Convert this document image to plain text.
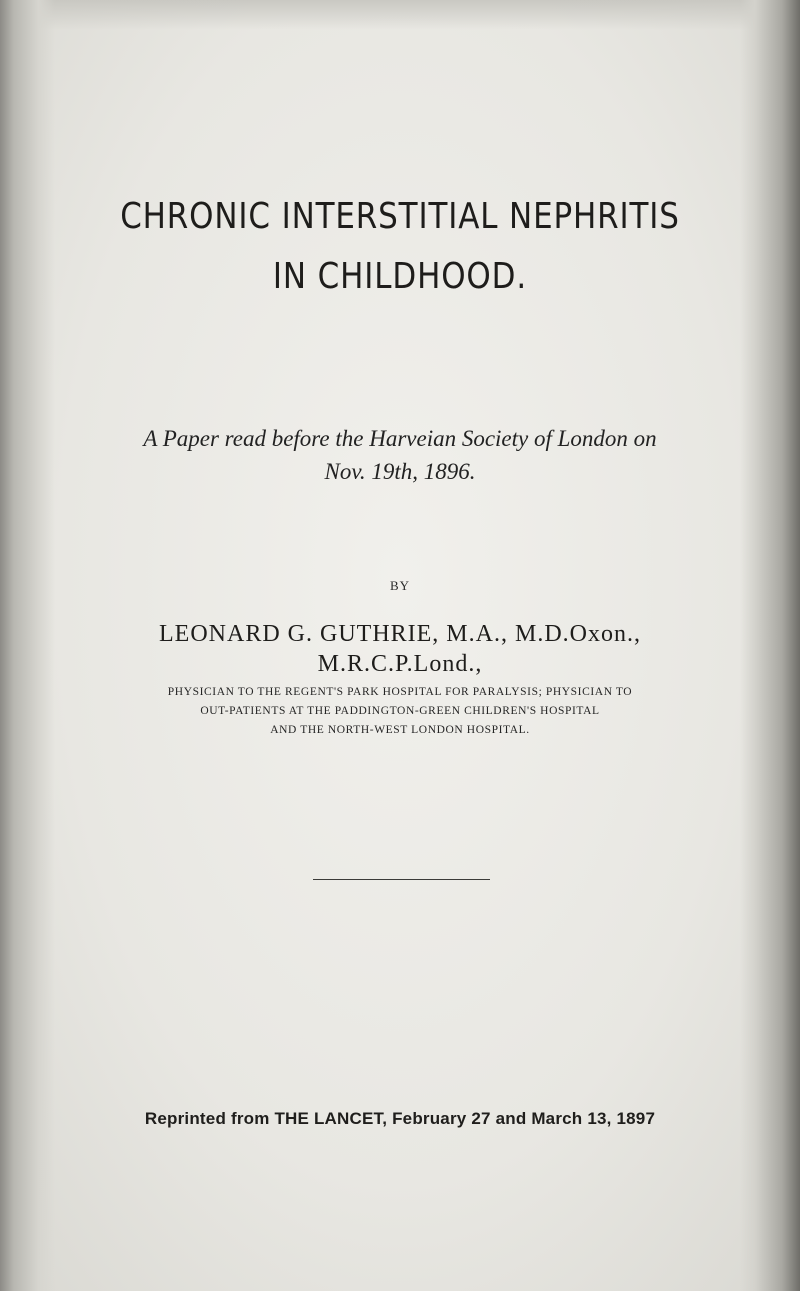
CHRONIC INTERSTITIAL NEPHRITIS
IN CHILDHOOD.
A Paper read before the Harveian Society of London on
Nov. 19th, 1896.
BY
LEONARD G. GUTHRIE, M.A., M.D.Oxon.,
M.R.C.P.Lond.,
PHYSICIAN TO THE REGENT'S PARK HOSPITAL FOR PARALYSIS; PHYSICIAN TO
OUT-PATIENTS AT THE PADDINGTON-GREEN CHILDREN'S HOSPITAL
AND THE NORTH-WEST LONDON HOSPITAL.
Reprinted from THE LANCET, February 27 and March 13, 1897
